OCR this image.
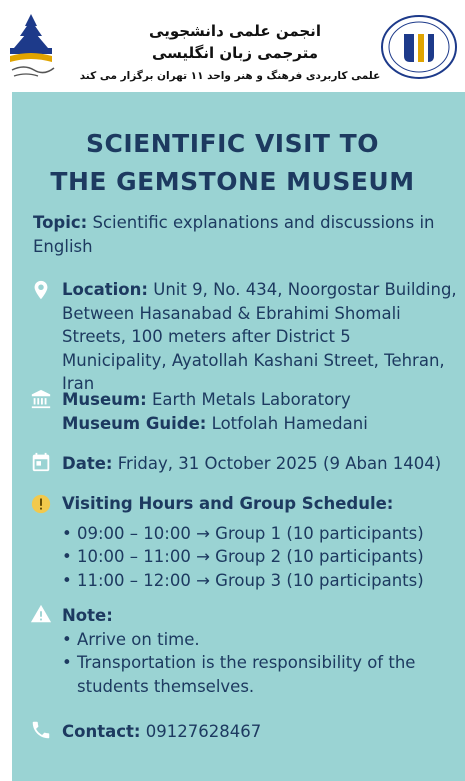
انجمن علمی دانشجویی
مترجمی زبان انگلیسی
علمی کاربردی فرهنگ و هنر واحد ۱۱ تهران برگزار می کند
SCIENTIFIC VISIT TO
THE GEMSTONE MUSEUM
Topic: Scientific explanations and discussions in English
Location: Unit 9, No. 434, Noorgostar Building, Between Hasanabad & Ebrahimi Shomali Streets, 100 meters after District 5 Municipality, Ayatollah Kashani Street, Tehran, Iran
Museum: Earth Metals Laboratory
Museum Guide: Lotfolah Hamedani
Date: Friday, 31 October 2025 (9 Aban 1404)
Visiting Hours and Group Schedule:
• 09:00 – 10:00 → Group 1 (10 participants)
• 10:00 – 11:00 → Group 2 (10 participants)
• 11:00 – 12:00 → Group 3 (10 participants)
Note:
• Arrive on time.
• Transportation is the responsibility of the students themselves.
Contact: 09127628467
